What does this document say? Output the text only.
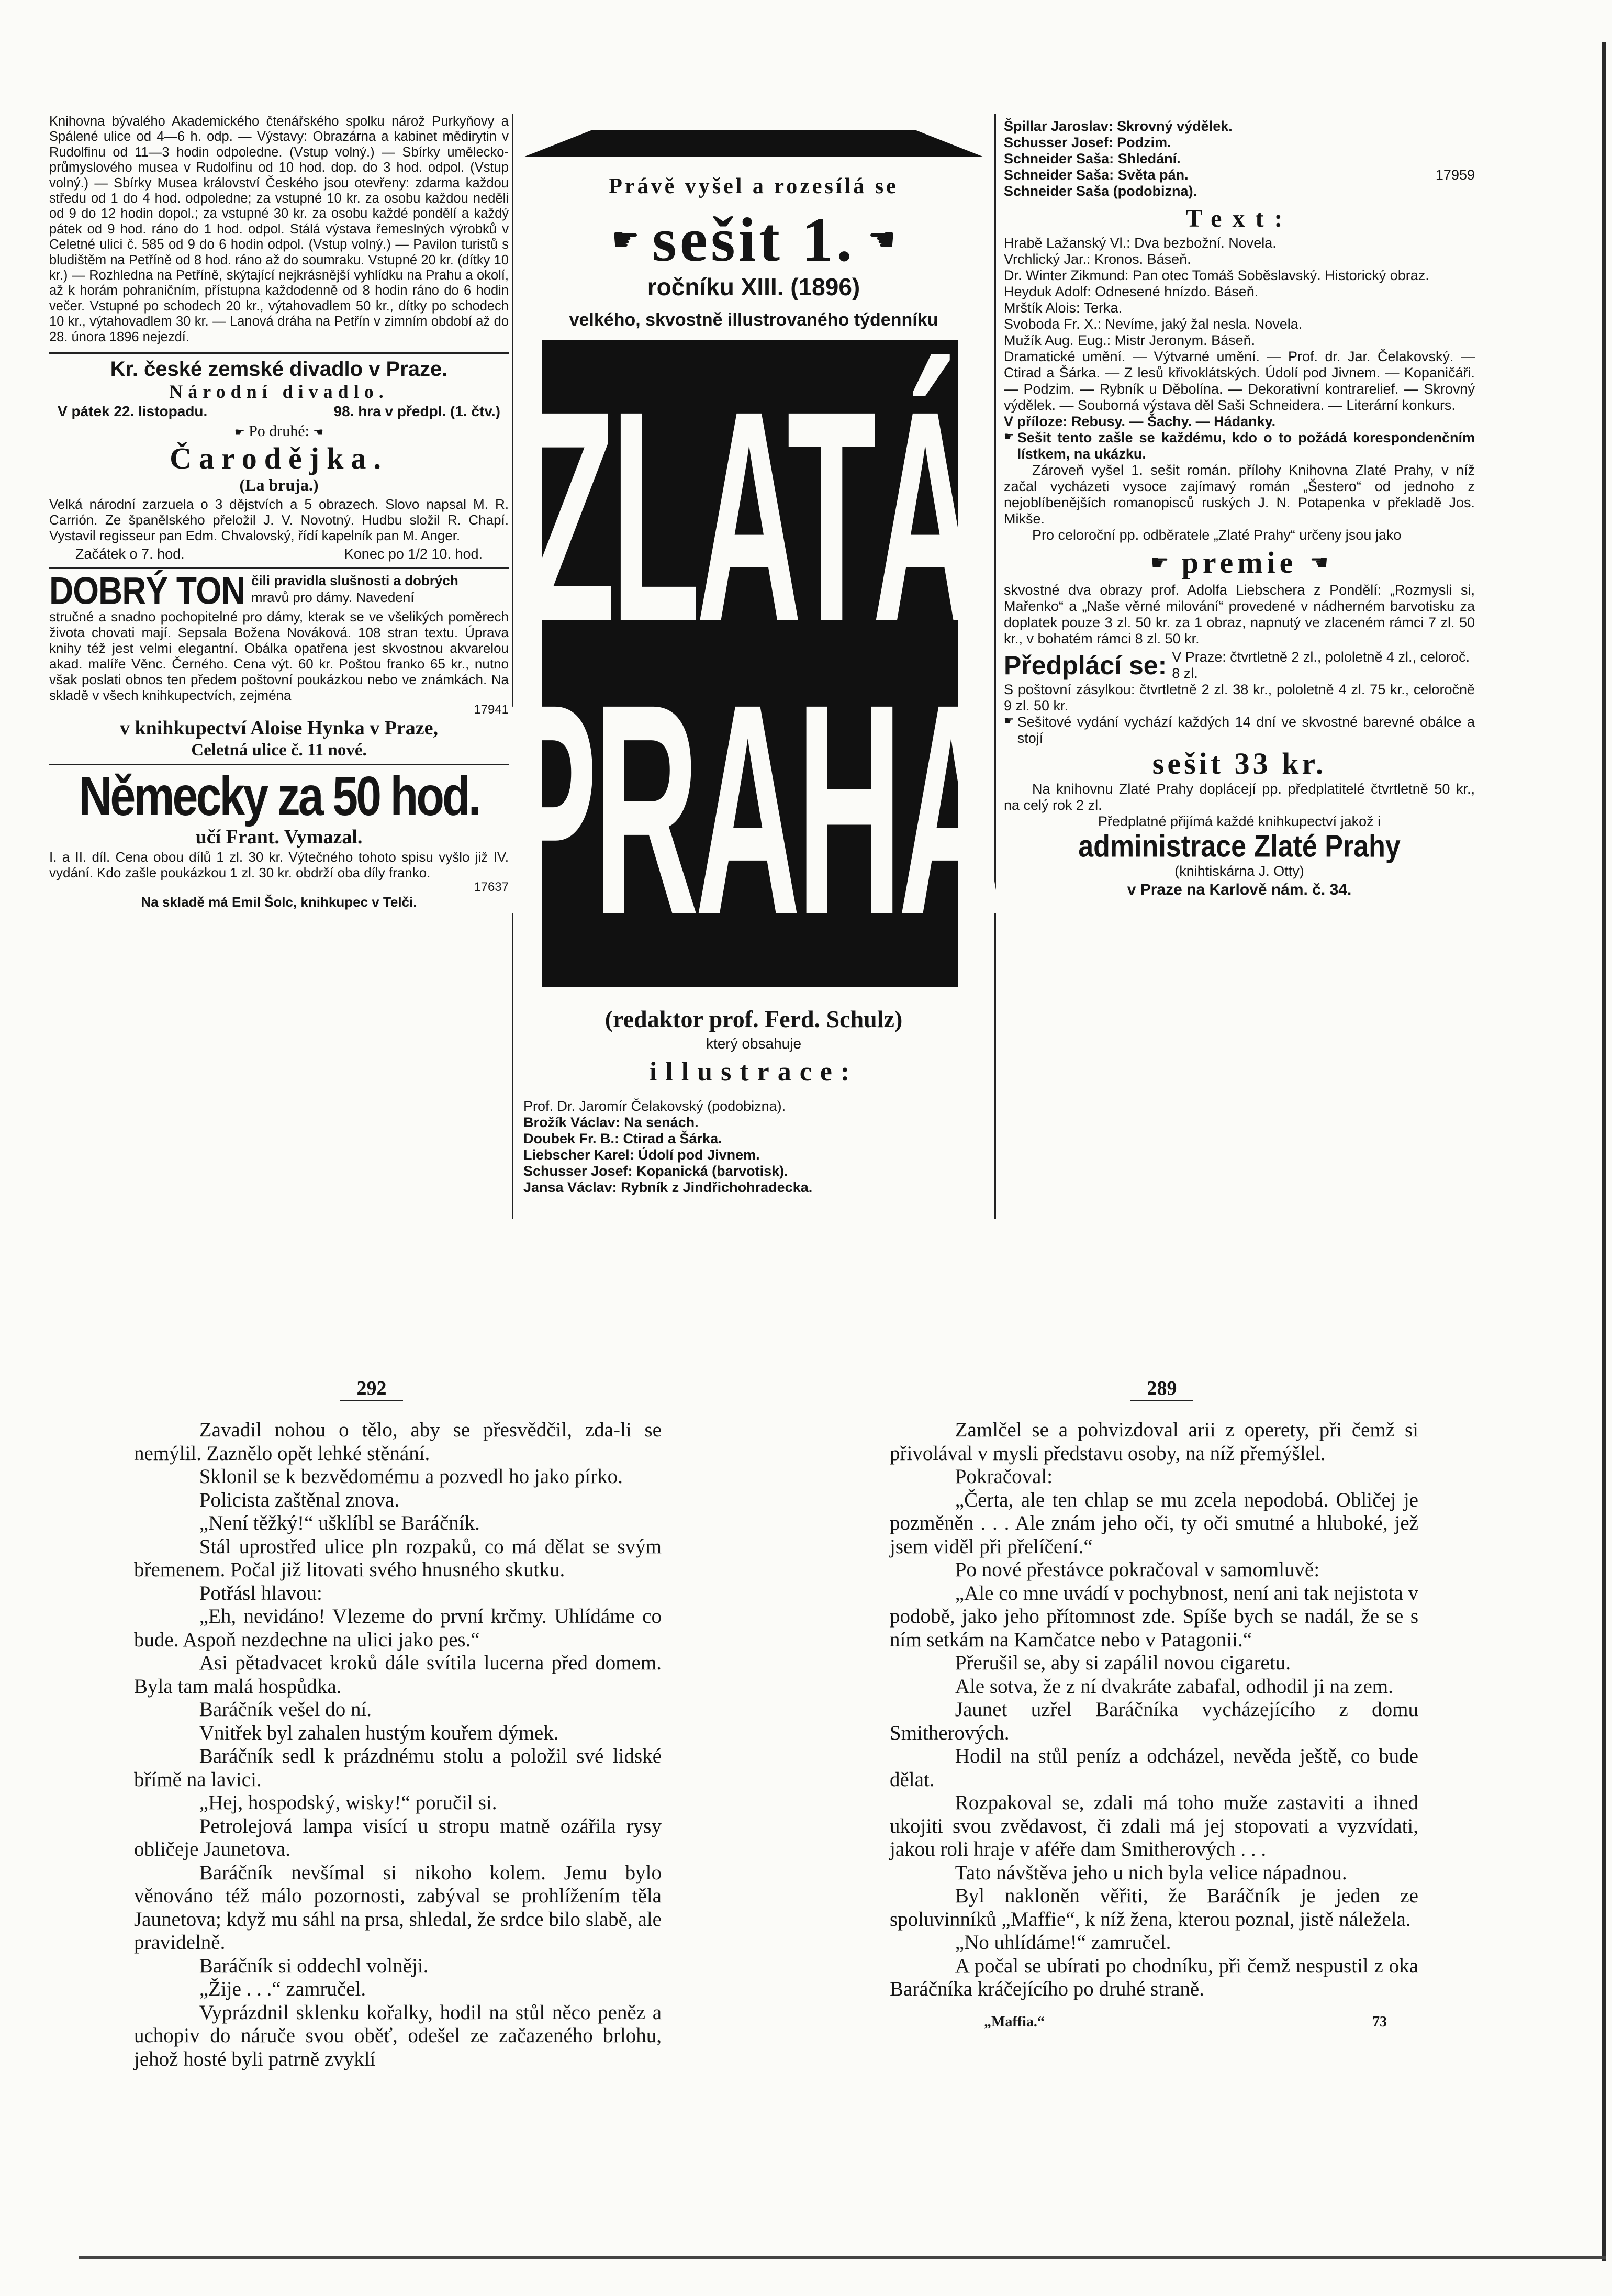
Knihovna bývalého Akademického čtenářského spolku nárož Purkyňovy a Spálené ulice od 4—6 h. odp. — Výstavy: Obrazárna a kabinet mědirytin v Rudolfinu od 11—3 hodin odpoledne. (Vstup volný.) — Sbírky umělecko-průmyslového musea v Rudolfinu od 10 hod. dop. do 3 hod. odpol. (Vstup volný.) — Sbírky Musea království Českého jsou otevřeny: zdarma každou středu od 1 do 4 hod. odpoledne; za vstupné 10 kr. za osobu každou neděli od 9 do 12 hodin dopol.; za vstupné 30 kr. za osobu každé pondělí a každý pátek od 9 hod. ráno do 1 hod. odpol. Stálá výstava řemeslných výrobků v Celetné ulici č. 585 od 9 do 6 hodin odpol. (Vstup volný.) — Pavilon turistů s bludištěm na Petříně od 8 hod. ráno až do soumraku. Vstupné 20 kr. (dítky 10 kr.) — Rozhledna na Petříně, skýtající nejkrásnější vyhlídku na Prahu a okolí, až k horám pohraničním, přístupna každodenně od 8 hodin ráno do 6 hodin večer. Vstupné po schodech 20 kr., výtahovadlem 50 kr., dítky po schodech 10 kr., výtahovadlem 30 kr. — Lanová dráha na Petřín v zimním období až do 28. února 1896 nejezdí.

Kr. české zemské divadlo v Praze.
Národní divadlo.
V pátek 22. listopadu.	98. hra v předpl. (1. čtv.)
☛ Po druhé: ☚
Čarodějka.
(La bruja.)

Velká národní zarzuela o 3 dějstvích a 5 obrazech. Slovo napsal M. R. Carrión. Ze španělského přeložil J. V. Novotný. Hudbu složil R. Chapí. Vystavil regisseur pan Edm. Chvalovský, řídí kapelník pan M. Anger.

Začátek o 7. hod.	Konec po 1/2 10. hod.
DOBRÝ TON čili pravidla slušnosti a dobrých
mravů pro dámy. Navedení

stručné a snadno pochopitelné pro dámy, kterak se ve všelikých poměrech života chovati mají. Sepsala Božena Nováková. 108 stran textu. Úprava knihy též jest velmi elegantní. Obálka opatřena jest skvostnou akvarelou akad. malíře Věnc. Černého. Cena výt. 60 kr. Poštou franko 65 kr., nutno však poslati obnos ten předem poštovní poukázkou nebo ve známkách. Na skladě v všech knihkupectvích, zejména

17941
v knihkupectví Aloise Hynka v Praze,
Celetná ulice č. 11 nové.
Německy za 50 hod.
učí Frant. Vymazal.

I. a II. díl. Cena obou dílů 1 zl. 30 kr. Výtečného tohoto spisu vyšlo již IV. vydání. Kdo zašle poukázkou 1 zl. 30 kr. obdrží oba díly franko.

17637
Na skladě má Emil Šolc, knihkupec v Telči.
Právě vyšel a rozesílá se
☛ sešit 1. ☚
ročníku XIII. (1896)
velkého, skvostně illustrovaného týdenníku
ZLATÁ
PRAHA
(redaktor prof. Ferd. Schulz)
který obsahuje
illustrace:
Prof. Dr. Jaromír Čelakovský (podobizna).
Brožík Václav: Na senách.
Doubek Fr. B.: Ctirad a Šárka.
Liebscher Karel: Údolí pod Jivnem.
Schusser Josef: Kopanická (barvotisk).
Jansa Václav: Rybník z Jindřichohradecka.
Špillar Jaroslav: Skrovný výdělek.
Schusser Josef: Podzim.
Schneider Saša: Shledání.
Schneider Saša: Světa pán.	17959
Schneider Saša (podobizna).
Text:
Hrabě Lažanský Vl.: Dva bezbožní. Novela.
Vrchlický Jar.: Kronos. Báseň.
Dr. Winter Zikmund: Pan otec Tomáš Soběslavský. Historický obraz.
Heyduk Adolf: Odnesené hnízdo. Báseň.
Mrštík Alois: Terka.
Svoboda Fr. X.: Nevíme, jaký žal nesla. Novela.
Mužík Aug. Eug.: Mistr Jeronym. Báseň.

Dramatické umění. — Výtvarné umění. — Prof. dr. Jar. Čelakovský. — Ctirad a Šárka. — Z lesů křivoklátských. Údolí pod Jivnem. — Kopaničáři. — Podzim. — Rybník u Děbolína. — Dekorativní kontrarelief. — Skrovný výdělek. — Souborná výstava děl Saši Schneidera. — Literární konkurs.

V příloze: Rebusy. — Šachy. — Hádanky.
☛ Sešit tento zašle se každému, kdo o to požádá korespondenčním lístkem, na ukázku.

Zároveň vyšel 1. sešit román. přílohy Knihovna Zlaté Prahy, v níž začal vycházeti vysoce zajímavý román „Šestero“ od jednoho z nejoblíbenějších romanopisců ruských J. N. Potapenka v překladě Jos. Mikše.

Pro celoroční pp. odběratele „Zlaté Prahy“ určeny jsou jako

☛ premie ☚

skvostné dva obrazy prof. Adolfa Liebschera z Pondělí: „Rozmysli si, Mařenko“ a „Naše věrné milování“ provedené v nádherném barvotisku za doplatek pouze 3 zl. 50 kr. za 1 obraz, napnutý ve zlaceném rámci 7 zl. 50 kr., v bohatém rámci 8 zl. 50 kr.

Předplácí se: V Praze: čtvrtletně 2 zl., pololetně 4 zl., celoroč. 8 zl.

S poštovní zásylkou: čtvrtletně 2 zl. 38 kr., pololetně 4 zl. 75 kr., celoročně 9 zl. 50 kr.

☛ Sešitové vydání vychází každých 14 dní ve skvostné barevné obálce a stojí

sešit 33 kr.

Na knihovnu Zlaté Prahy doplácejí pp. předplatitelé čtvrtletně 50 kr., na celý rok 2 zl.

Předplatné přijímá každé knihkupectví jakož i
administrace Zlaté Prahy
(knihtiskárna J. Otty)
v Praze na Karlově nám. č. 34.
292

Zavadil nohou o tělo, aby se přesvědčil, zda-li se nemýlil. Zaznělo opět lehké stěnání.

Sklonil se k bezvědomému a pozvedl ho jako pírko.

Policista zaštěnal znova.

„Není těžký!“ ušklíbl se Baráčník.

Stál uprostřed ulice pln rozpaků, co má dělat se svým břemenem. Počal již litovati svého hnusného skutku.

Potřásl hlavou:

„Eh, nevidáno! Vlezeme do první krčmy. Uhlídáme co bude. Aspoň nezdechne na ulici jako pes.“

Asi pětadvacet kroků dále svítila lucerna před domem. Byla tam malá hospůdka.

Baráčník vešel do ní.

Vnitřek byl zahalen hustým kouřem dýmek.

Baráčník sedl k prázdnému stolu a položil své lidské břímě na lavici.

„Hej, hospodský, wisky!“ poručil si.

Petrolejová lampa visící u stropu matně ozářila rysy obličeje Jaunetova.

Baráčník nevšímal si nikoho kolem. Jemu bylo věnováno též málo pozornosti, zabýval se prohlížením těla Jaunetova; když mu sáhl na prsa, shledal, že srdce bilo slabě, ale pravidelně.

Baráčník si oddechl volněji.

„Žije . . .“ zamručel.

Vyprázdnil sklenku kořalky, hodil na stůl něco peněz a uchopiv do náruče svou oběť, odešel ze začazeného brlohu, jehož hosté byli patrně zvyklí

289

Zamlčel se a pohvizdoval arii z operety, při čemž si přivolával v mysli představu osoby, na níž přemýšlel.

Pokračoval:

„Čerta, ale ten chlap se mu zcela nepodobá. Obličej je pozměněn . . . Ale znám jeho oči, ty oči smutné a hluboké, jež jsem viděl při přelíčení.“

Po nové přestávce pokračoval v samomluvě:

„Ale co mne uvádí v pochybnost, není ani tak nejistota v podobě, jako jeho přítomnost zde. Spíše bych se nadál, že se s ním setkám na Kamčatce nebo v Patagonii.“

Přerušil se, aby si zapálil novou cigaretu.

Ale sotva, že z ní dvakráte zabafal, odhodil ji na zem.

Jaunet uzřel Baráčníka vycházejícího z domu Smitherových.

Hodil na stůl peníz a odcházel, nevěda ještě, co bude dělat.

Rozpakoval se, zdali má toho muže zastaviti a ihned ukojiti svou zvědavost, či zdali má jej stopovati a vyzvídati, jakou roli hraje v aféře dam Smitherových . . .

Tato návštěva jeho u nich byla velice nápadnou.

Byl nakloněn věřiti, že Baráčník je jeden ze spoluvinníků „Maffie“, k níž žena, kterou poznal, jistě náležela.

„No uhlídáme!“ zamručel.

A počal se ubírati po chodníku, při čemž nespustil z oka Baráčníka kráčejícího po druhé straně.

„Maffia.“	73
